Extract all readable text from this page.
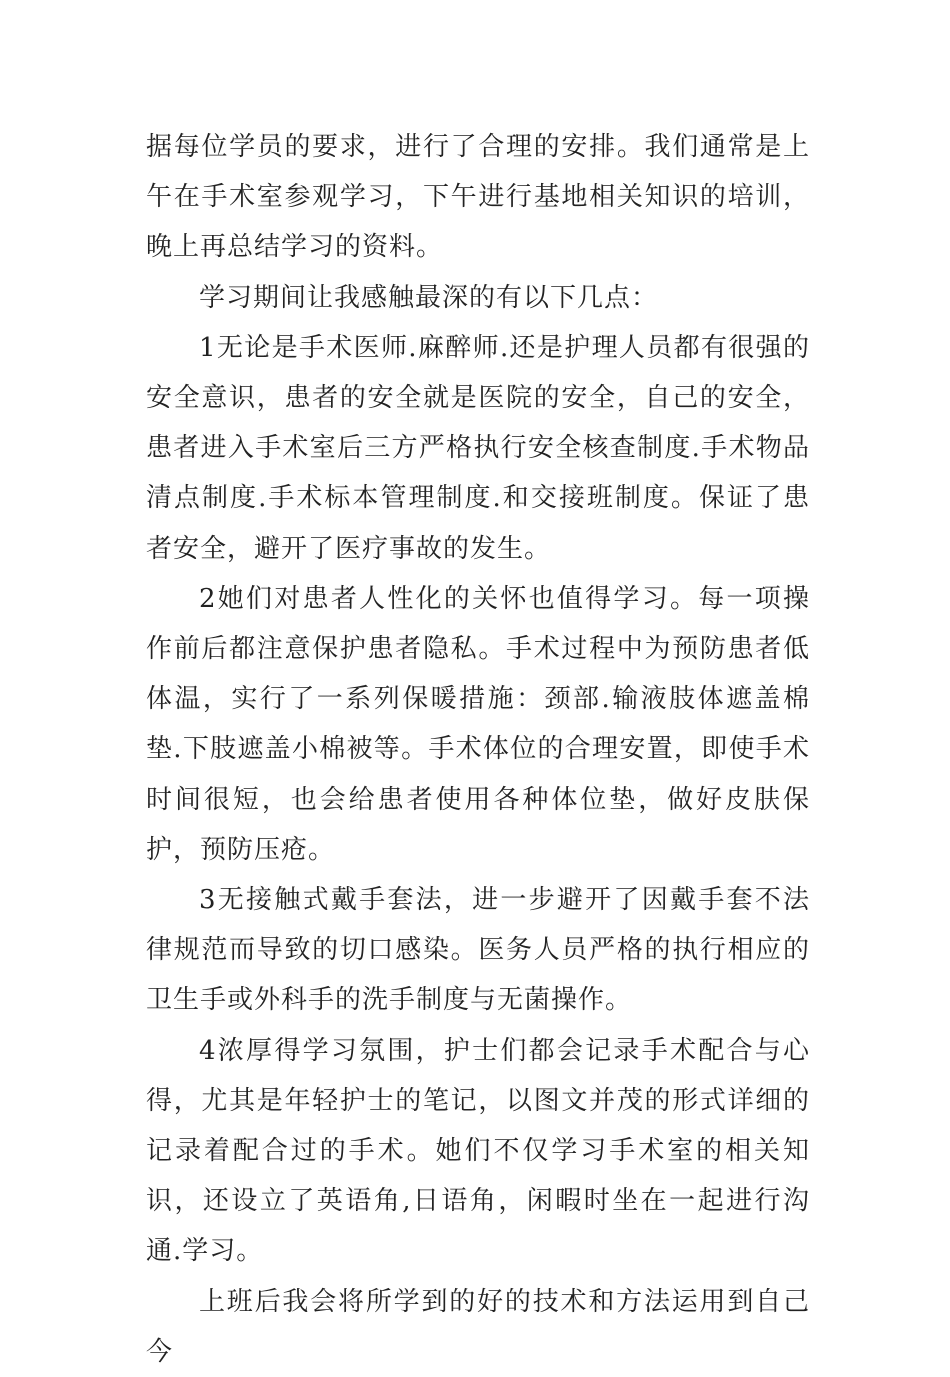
据每位学员的要求，进行了合理的安排。我们通常是上午在手术室参观学习，下午进行基地相关知识的培训，晚上再总结学习的资料。

学习期间让我感触最深的有以下几点：

1无论是手术医师.麻醉师.还是护理人员都有很强的安全意识，患者的安全就是医院的安全，自己的安全，患者进入手术室后三方严格执行安全核查制度.手术物品清点制度.手术标本管理制度.和交接班制度。保证了患者安全，避开了医疗事故的发生。

2她们对患者人性化的关怀也值得学习。每一项操作前后都注意保护患者隐私。手术过程中为预防患者低体温，实行了一系列保暖措施：颈部.输液肢体遮盖棉垫.下肢遮盖小棉被等。手术体位的合理安置，即使手术时间很短，也会给患者使用各种体位垫，做好皮肤保护，预防压疮。

3无接触式戴手套法，进一步避开了因戴手套不法律规范而导致的切口感染。医务人员严格的执行相应的卫生手或外科手的洗手制度与无菌操作。

4浓厚得学习氛围，护士们都会记录手术配合与心得，尤其是年轻护士的笔记，以图文并茂的形式详细的记录着配合过的手术。她们不仅学习手术室的相关知识，还设立了英语角,日语角，闲暇时坐在一起进行沟通.学习。

上班后我会将所学到的好的技术和方法运用到自己今
